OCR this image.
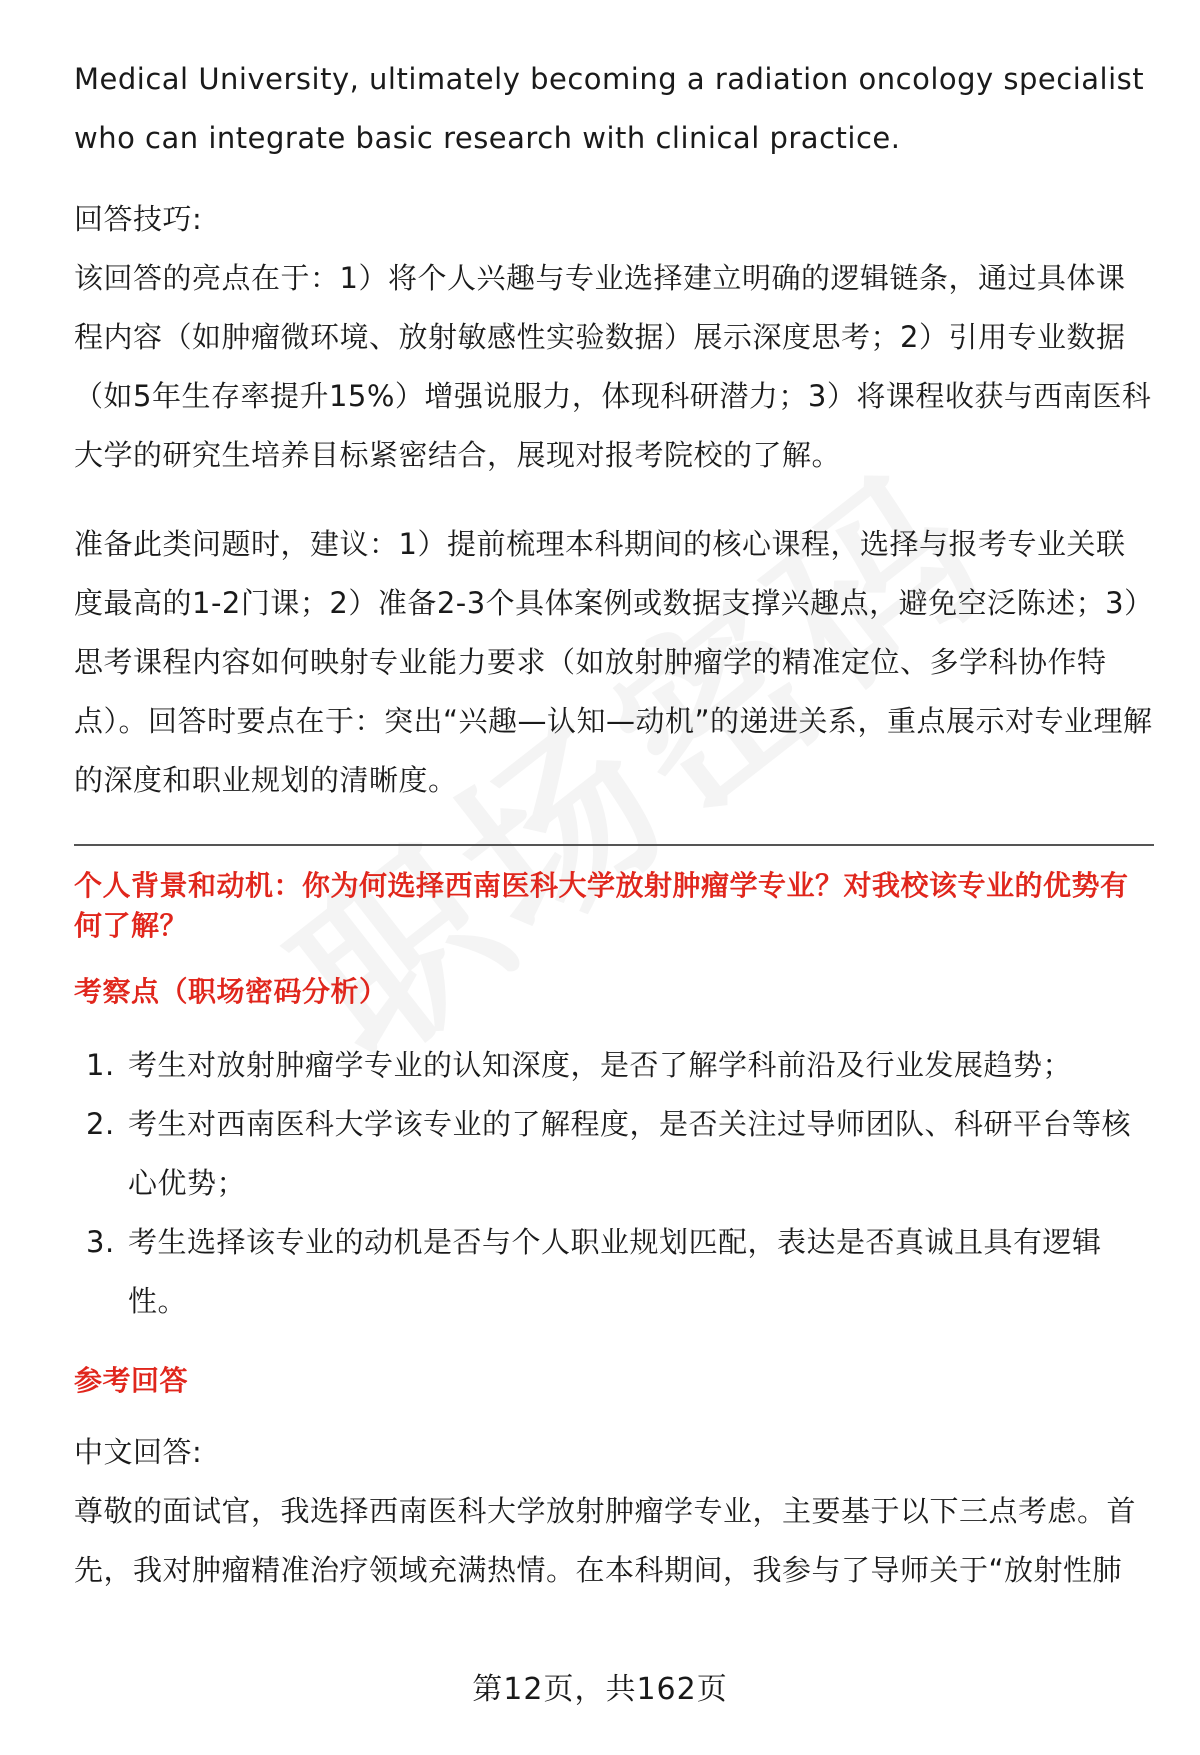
Medical University, ultimately becoming a radiation oncology specialist who can integrate basic research with clinical practice.

回答技巧:

该回答的亮点在于：1）将个人兴趣与专业选择建立明确的逻辑链条，通过具体课程内容（如肿瘤微环境、放射敏感性实验数据）展示深度思考；2）引用专业数据（如5年生存率提升15%）增强说服力，体现科研潜力；3）将课程收获与西南医科大学的研究生培养目标紧密结合，展现对报考院校的了解。

准备此类问题时，建议：1）提前梳理本科期间的核心课程，选择与报考专业关联度最高的1-2门课；2）准备2-3个具体案例或数据支撑兴趣点，避免空泛陈述；3）思考课程内容如何映射专业能力要求（如放射肿瘤学的精准定位、多学科协作特点）。回答时要点在于：突出“兴趣—认知—动机”的递进关系，重点展示对专业理解的深度和职业规划的清晰度。

个人背景和动机：你为何选择西南医科大学放射肿瘤学专业？对我校该专业的优势有何了解？

考察点（职场密码分析）

1. 考生对放射肿瘤学专业的认知深度，是否了解学科前沿及行业发展趋势；
2. 考生对西南医科大学该专业的了解程度，是否关注过导师团队、科研平台等核心优势；
3. 考生选择该专业的动机是否与个人职业规划匹配，表达是否真诚且具有逻辑性。

参考回答

中文回答:

尊敬的面试官，我选择西南医科大学放射肿瘤学专业，主要基于以下三点考虑。首先，我对肿瘤精准治疗领域充满热情。在本科期间，我参与了导师关于“放射性肺

第12页，共162页
